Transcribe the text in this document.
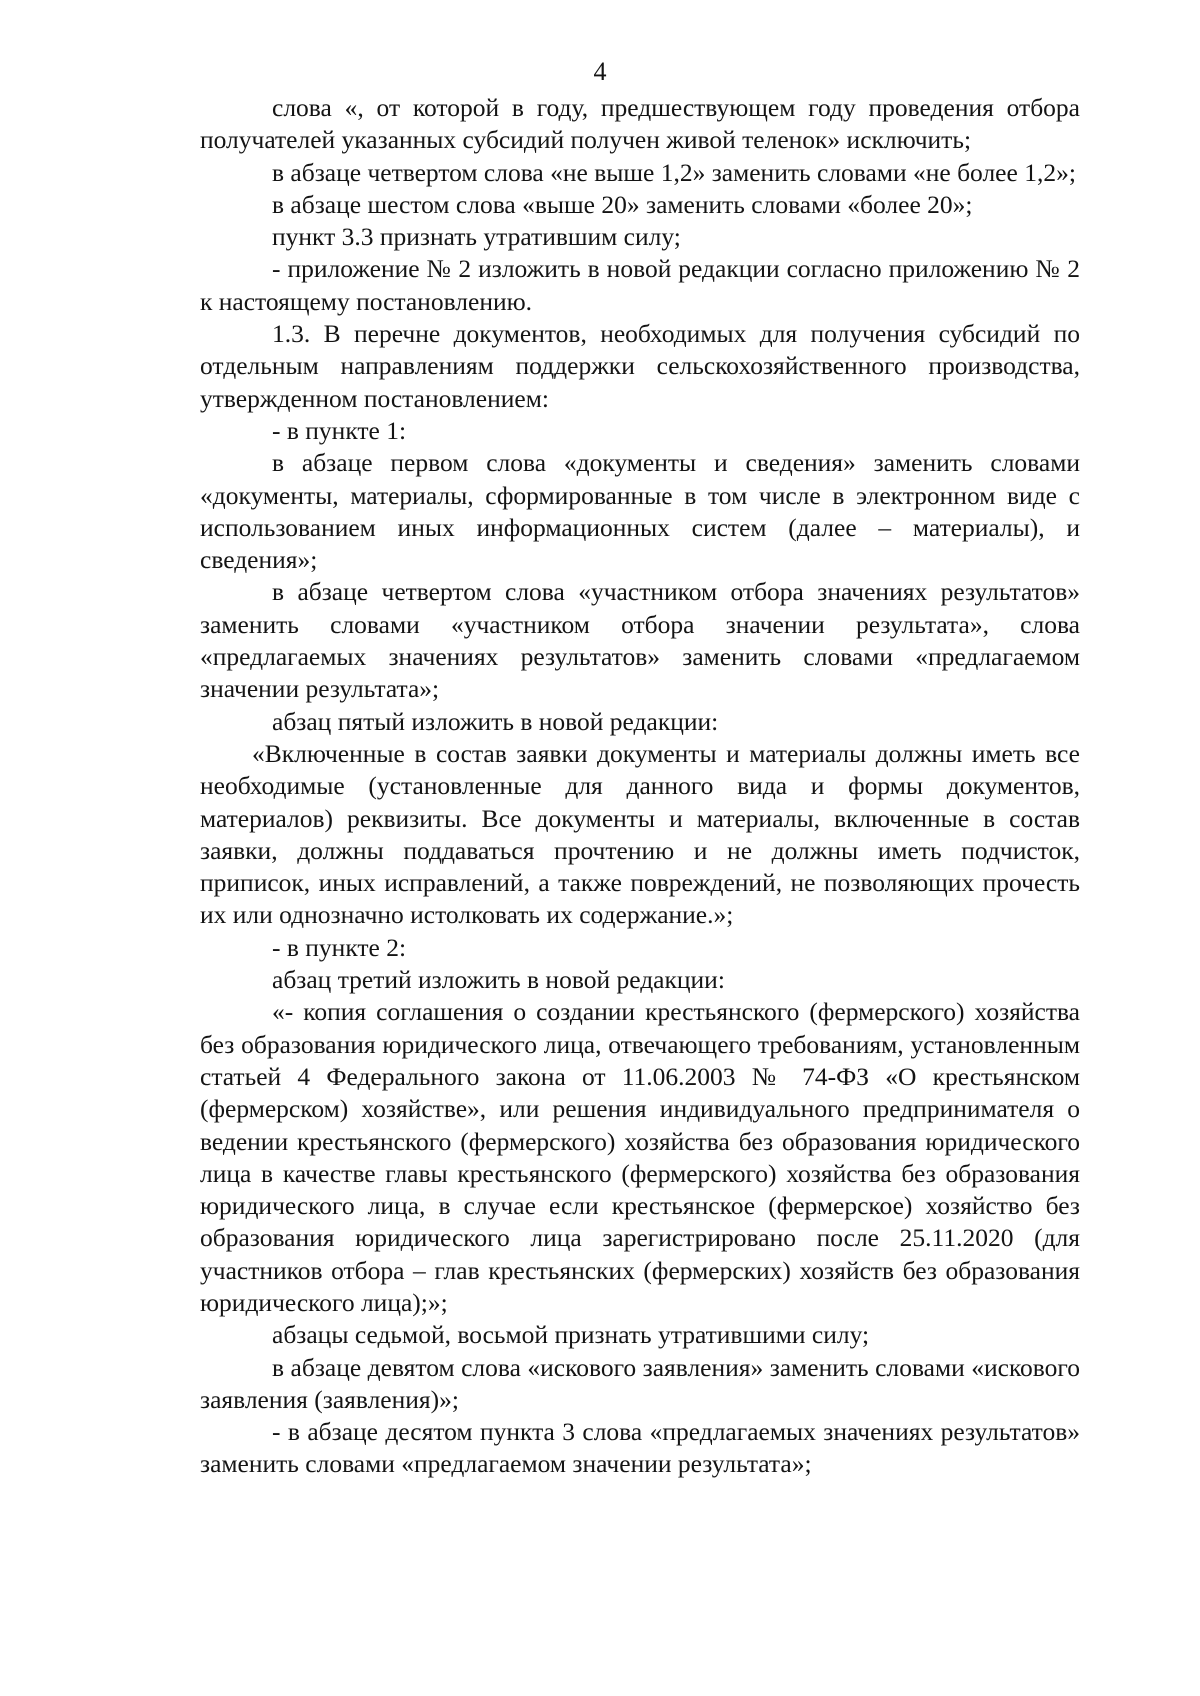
4

слова «, от которой в году, предшествующем году проведения отбора получателей указанных субсидий получен живой теленок» исключить;

в абзаце четвертом слова «не выше 1,2» заменить словами «не более 1,2»;

в абзаце шестом слова «выше 20» заменить словами «более 20»;

пункт 3.3 признать утратившим силу;

- приложение № 2 изложить в новой редакции согласно приложению № 2 к настоящему постановлению.

1.3. В перечне документов, необходимых для получения субсидий по отдельным направлениям поддержки сельскохозяйственного производства, утвержденном постановлением:

- в пункте 1:

в абзаце первом слова «документы и сведения» заменить словами «документы, материалы, сформированные в том числе в электронном виде с использованием иных информационных систем (далее – материалы), и сведения»;

в абзаце четвертом слова «участником отбора значениях результатов» заменить словами «участником отбора значении результата», слова «предлагаемых значениях результатов» заменить словами «предлагаемом значении результата»;

абзац пятый изложить в новой редакции:

«Включенные в состав заявки документы и материалы должны иметь все необходимые (установленные для данного вида и формы документов, материалов) реквизиты. Все документы и материалы, включенные в состав заявки, должны поддаваться прочтению и не должны иметь подчисток, приписок, иных исправлений, а также повреждений, не позволяющих прочесть их или однозначно истолковать их содержание.»;

- в пункте 2:

абзац третий изложить в новой редакции:

«- копия соглашения о создании крестьянского (фермерского) хозяйства без образования юридического лица, отвечающего требованиям, установленным статьей 4 Федерального закона от 11.06.2003 № 74-ФЗ «О крестьянском (фермерском) хозяйстве», или решения индивидуального предпринимателя о ведении крестьянского (фермерского) хозяйства без образования юридического лица в качестве главы крестьянского (фермерского) хозяйства без образования юридического лица, в случае если крестьянское (фермерское) хозяйство без образования юридического лица зарегистрировано после 25.11.2020 (для участников отбора – глав крестьянских (фермерских) хозяйств без образования юридического лица);»;

абзацы седьмой, восьмой признать утратившими силу;

в абзаце девятом слова «искового заявления» заменить словами «искового заявления (заявления)»;

- в абзаце десятом пункта 3 слова «предлагаемых значениях результатов» заменить словами «предлагаемом значении результата»;
